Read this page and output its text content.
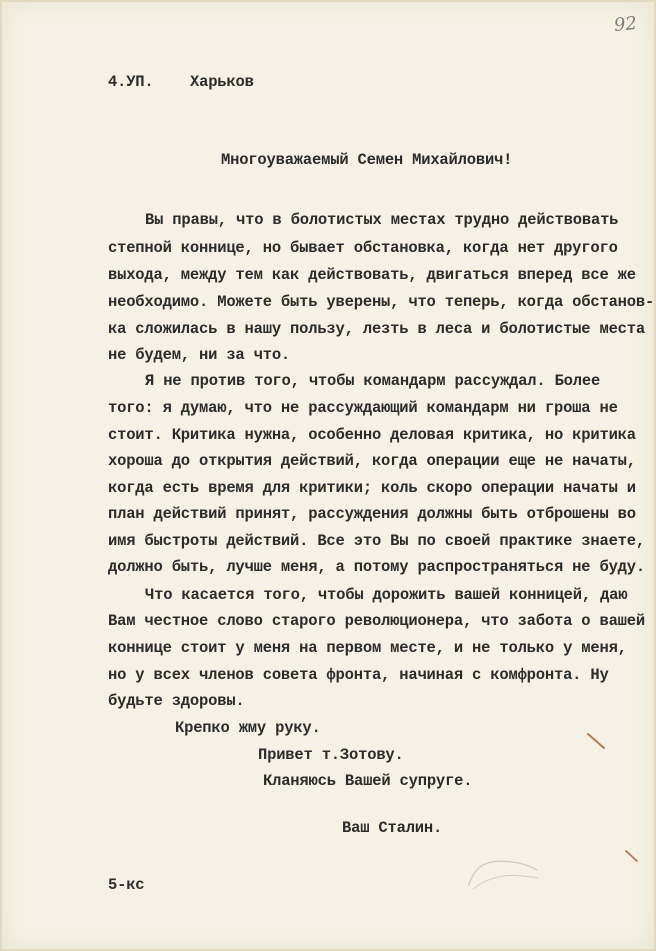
92
4.УП. Харьков
Многоуважаемый Семен Михайлович!
Вы правы, что в болотистых местах трудно действовать
степной коннице, но бывает обстановка, когда нет другого
выхода, между тем как действовать, двигаться вперед все же
необходимо. Можете быть уверены, что теперь, когда обстанов-
ка сложилась в нашу пользу, лезть в леса и болотистые места
не будем, ни за что.
Я не против того, чтобы командарм рассуждал. Более
того: я думаю, что не рассуждающий командарм ни гроша не
стоит. Критика нужна, особенно деловая критика, но критика
хороша до открытия действий, когда операции еще не начаты,
когда есть время для критики; коль скоро операции начаты и
план действий принят, рассуждения должны быть отброшены во
имя быстроты действий. Все это Вы по своей практике знаете,
должно быть, лучше меня, а потому распространяться не буду.
Что касается того, чтобы дорожить вашей конницей, даю
Вам честное слово старого революционера, что забота о вашей
коннице стоит у меня на первом месте, и не только у меня,
но у всех членов совета фронта, начиная с комфронта. Ну
будьте здоровы.
Крепко жму руку.
Привет т.Зотову.
Кланяюсь Вашей супруге.
Ваш Сталин.
5-кс
